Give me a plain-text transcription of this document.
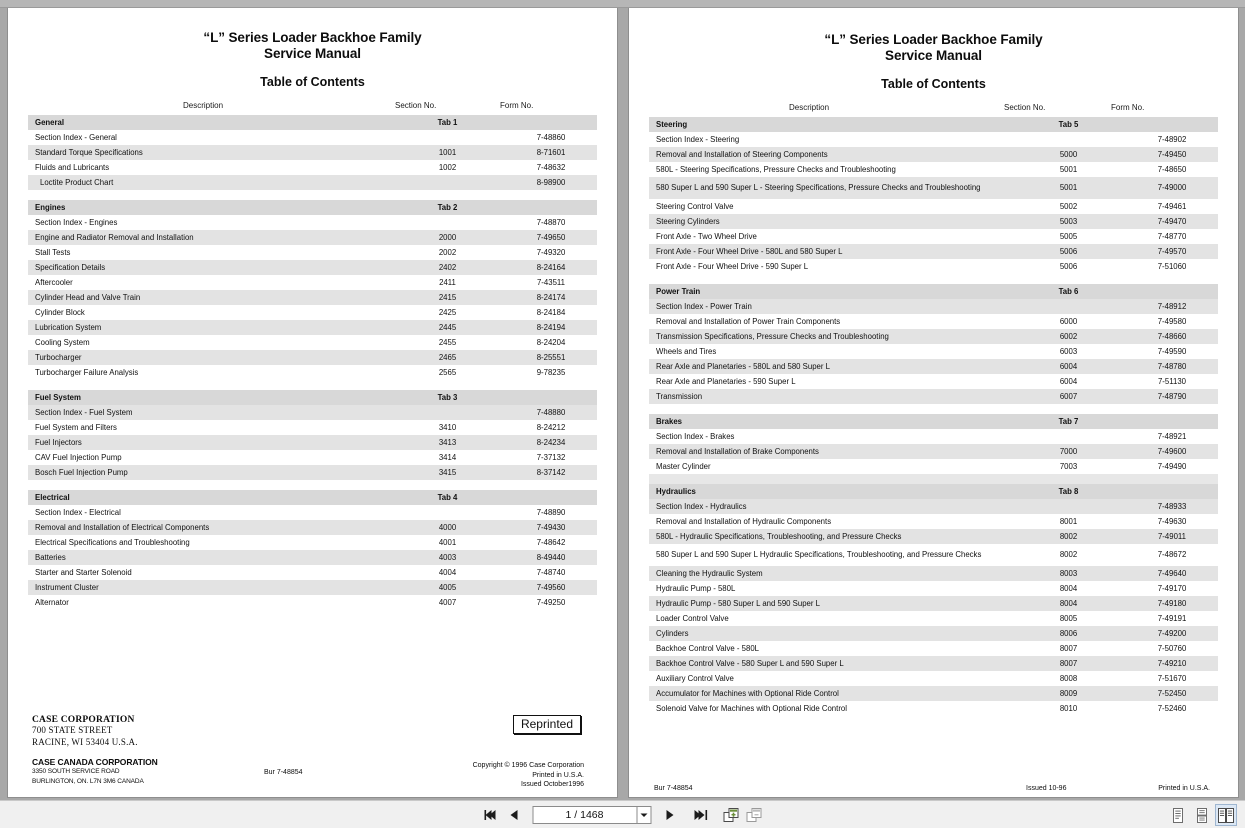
“L” Series Loader Backhoe Family
Service Manual
Table of Contents
Description	Section No.	Form No.
General	Tab 1	
Section Index - General		7-48860
Standard Torque Specifications	1001	8-71601
Fluids and Lubricants	1002	7-48632
Loctite Product Chart		8-98900

Engines	Tab 2	
Section Index - Engines		7-48870
Engine and Radiator Removal and Installation	2000	7-49650
Stall Tests	2002	7-49320
Specification Details	2402	8-24164
Aftercooler	2411	7-43511
Cylinder Head and Valve Train	2415	8-24174
Cylinder Block	2425	8-24184
Lubrication System	2445	8-24194
Cooling System	2455	8-24204
Turbocharger	2465	8-25551
Turbocharger Failure Analysis	2565	9-78235

Fuel System	Tab 3	
Section Index - Fuel System		7-48880
Fuel System and Filters	3410	8-24212
Fuel Injectors	3413	8-24234
CAV Fuel Injection Pump	3414	7-37132
Bosch Fuel Injection Pump	3415	8-37142

Electrical	Tab 4	
Section Index - Electrical		7-48890
Removal and Installation of Electrical Components	4000	7-49430
Electrical Specifications and Troubleshooting	4001	7-48642
Batteries	4003	8-49440
Starter and Starter Solenoid	4004	7-48740
Instrument Cluster	4005	7-49560
Alternator	4007	7-49250
CASE CORPORATION
700 STATE STREET
RACINE, WI 53404 U.S.A.
CASE CANADA CORPORATION
3350 SOUTH SERVICE ROAD
BURLINGTON, ON. L7N 3M6 CANADA
Reprinted
Bur 7-48854
Copyright © 1996 Case Corporation
Printed in U.S.A.
Issued October1996
“L” Series Loader Backhoe Family
Service Manual
Table of Contents
Description	Section No.	Form No.
Steering	Tab 5	
Section Index - Steering		7-48902
Removal and Installation of Steering Components	5000	7-49450
580L - Steering Specifications, Pressure Checks and Troubleshooting	5001	7-48650
580 Super L and 590 Super L - Steering Specifications, Pressure Checks and Troubleshooting	5001	7-49000
Steering Control Valve	5002	7-49461
Steering Cylinders	5003	7-49470
Front Axle - Two Wheel Drive	5005	7-48770
Front Axle - Four Wheel Drive - 580L and 580 Super L	5006	7-49570
Front Axle - Four Wheel Drive - 590 Super L	5006	7-51060

Power Train	Tab 6	
Section Index - Power Train		7-48912
Removal and Installation of Power Train Components	6000	7-49580
Transmission Specifications, Pressure Checks and Troubleshooting	6002	7-48660
Wheels and Tires	6003	7-49590
Rear Axle and Planetaries - 580L and 580 Super L	6004	7-48780
Rear Axle and Planetaries - 590 Super L	6004	7-51130
Transmission	6007	7-48790

Brakes	Tab 7	
Section Index - Brakes		7-48921
Removal and Installation of Brake Components	7000	7-49600
Master Cylinder	7003	7-49490

Hydraulics	Tab 8	
Section Index - Hydraulics		7-48933
Removal and Installation of Hydraulic Components	8001	7-49630
580L - Hydraulic Specifications, Troubleshooting, and Pressure Checks	8002	7-49011
580 Super L and 590 Super L Hydraulic Specifications, Troubleshooting, and Pressure Checks	8002	7-48672
Cleaning the Hydraulic System	8003	7-49640
Hydraulic Pump - 580L	8004	7-49170
Hydraulic Pump - 580 Super L and 590 Super L	8004	7-49180
Loader Control Valve	8005	7-49191
Cylinders	8006	7-49200
Backhoe Control Valve - 580L	8007	7-50760
Backhoe Control Valve - 580 Super L and 590 Super L	8007	7-49210
Auxiliary Control Valve	8008	7-51670
Accumulator for Machines with Optional Ride Control	8009	7-52450
Solenoid Valve for Machines with Optional Ride Control	8010	7-52460
Bur 7-48854	Issued 10-96	Printed in U.S.A.
1 / 1468
